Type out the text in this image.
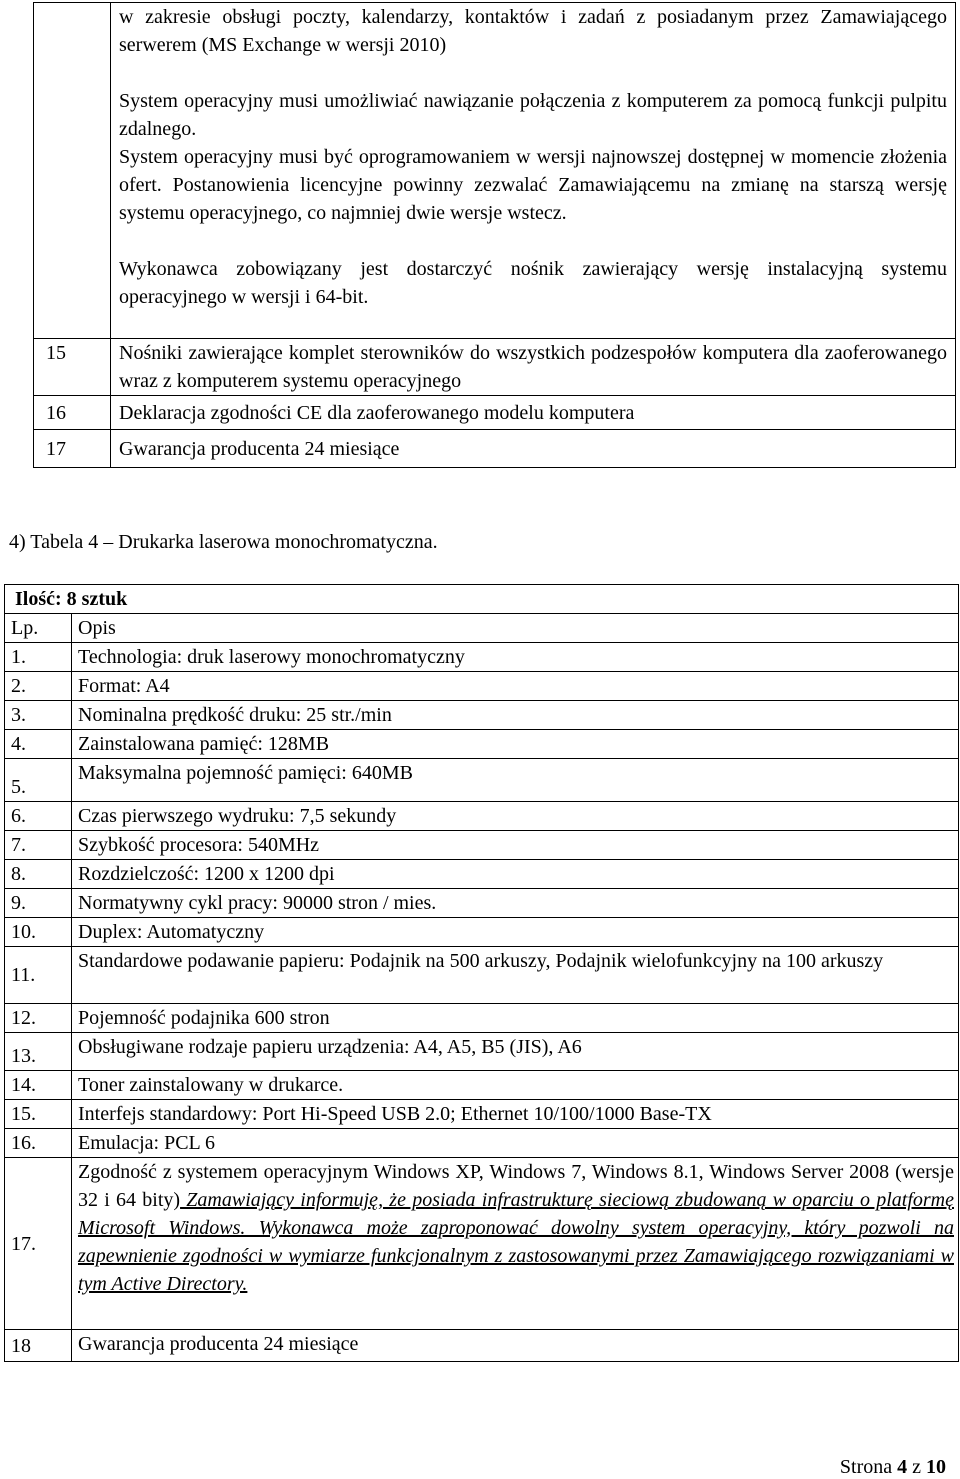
	w zakresie obsługi poczty, kalendarzy, kontaktów i zadań z posiadanym przez Zamawiającego serwerem (MS Exchange w wersji 2010)

System operacyjny musi umożliwiać nawiązanie połączenia z komputerem za pomocą funkcji pulpitu zdalnego.

System operacyjny musi być oprogramowaniem w wersji najnowszej dostępnej w momencie złożenia ofert. Postanowienia licencyjne powinny zezwalać Zamawiającemu na zmianę na starszą wersję systemu operacyjnego, co najmniej dwie wersje wstecz.

Wykonawca zobowiązany jest dostarczyć nośnik zawierający wersję instalacyjną systemu operacyjnego w wersji i 64-bit.

15	Nośniki zawierające komplet sterowników do wszystkich podzespołów komputera dla zaoferowanego wraz z komputerem systemu operacyjnego
16	Deklaracja zgodności CE dla zaoferowanego modelu komputera
17	Gwarancja producenta 24 miesiące
4) Tabela 4 – Drukarka laserowa monochromatyczna.
Ilość: 8 sztuk	
Lp.	Opis
1.	Technologia: druk laserowy monochromatyczny
2.	Format: A4
3.	Nominalna prędkość druku: 25 str./min
4.	Zainstalowana pamięć: 128MB
5.	Maksymalna pojemność pamięci: 640MB
6.	Czas pierwszego wydruku: 7,5 sekundy
7.	Szybkość procesora: 540MHz
8.	Rozdzielczość: 1200 x 1200 dpi
9.	Normatywny cykl pracy: 90000 stron / mies.
10.	Duplex: Automatyczny
11.	Standardowe podawanie papieru: Podajnik na 500 arkuszy, Podajnik wielofunkcyjny na 100 arkuszy
12.	Pojemność podajnika 600 stron
13.	Obsługiwane rodzaje papieru urządzenia: A4, A5, B5 (JIS), A6
14.	Toner zainstalowany w drukarce.
15.	Interfejs standardowy: Port Hi-Speed USB 2.0; Ethernet 10/100/1000 Base-TX
16.	Emulacja: PCL 6
17.	Zgodność z systemem operacyjnym Windows XP, Windows 7, Windows 8.1, Windows Server 2008 (wersje 32 i 64 bity) Zamawiający informuję, że posiada infrastrukturę sieciową zbudowaną w oparciu o platformę Microsoft Windows. Wykonawca może zaproponować dowolny system operacyjny, który pozwoli na zapewnienie zgodności w wymiarze funkcjonalnym z zastosowanymi przez Zamawiającego rozwiązaniami w tym Active Directory.
18	Gwarancja producenta 24 miesiące
Strona 4 z 10
